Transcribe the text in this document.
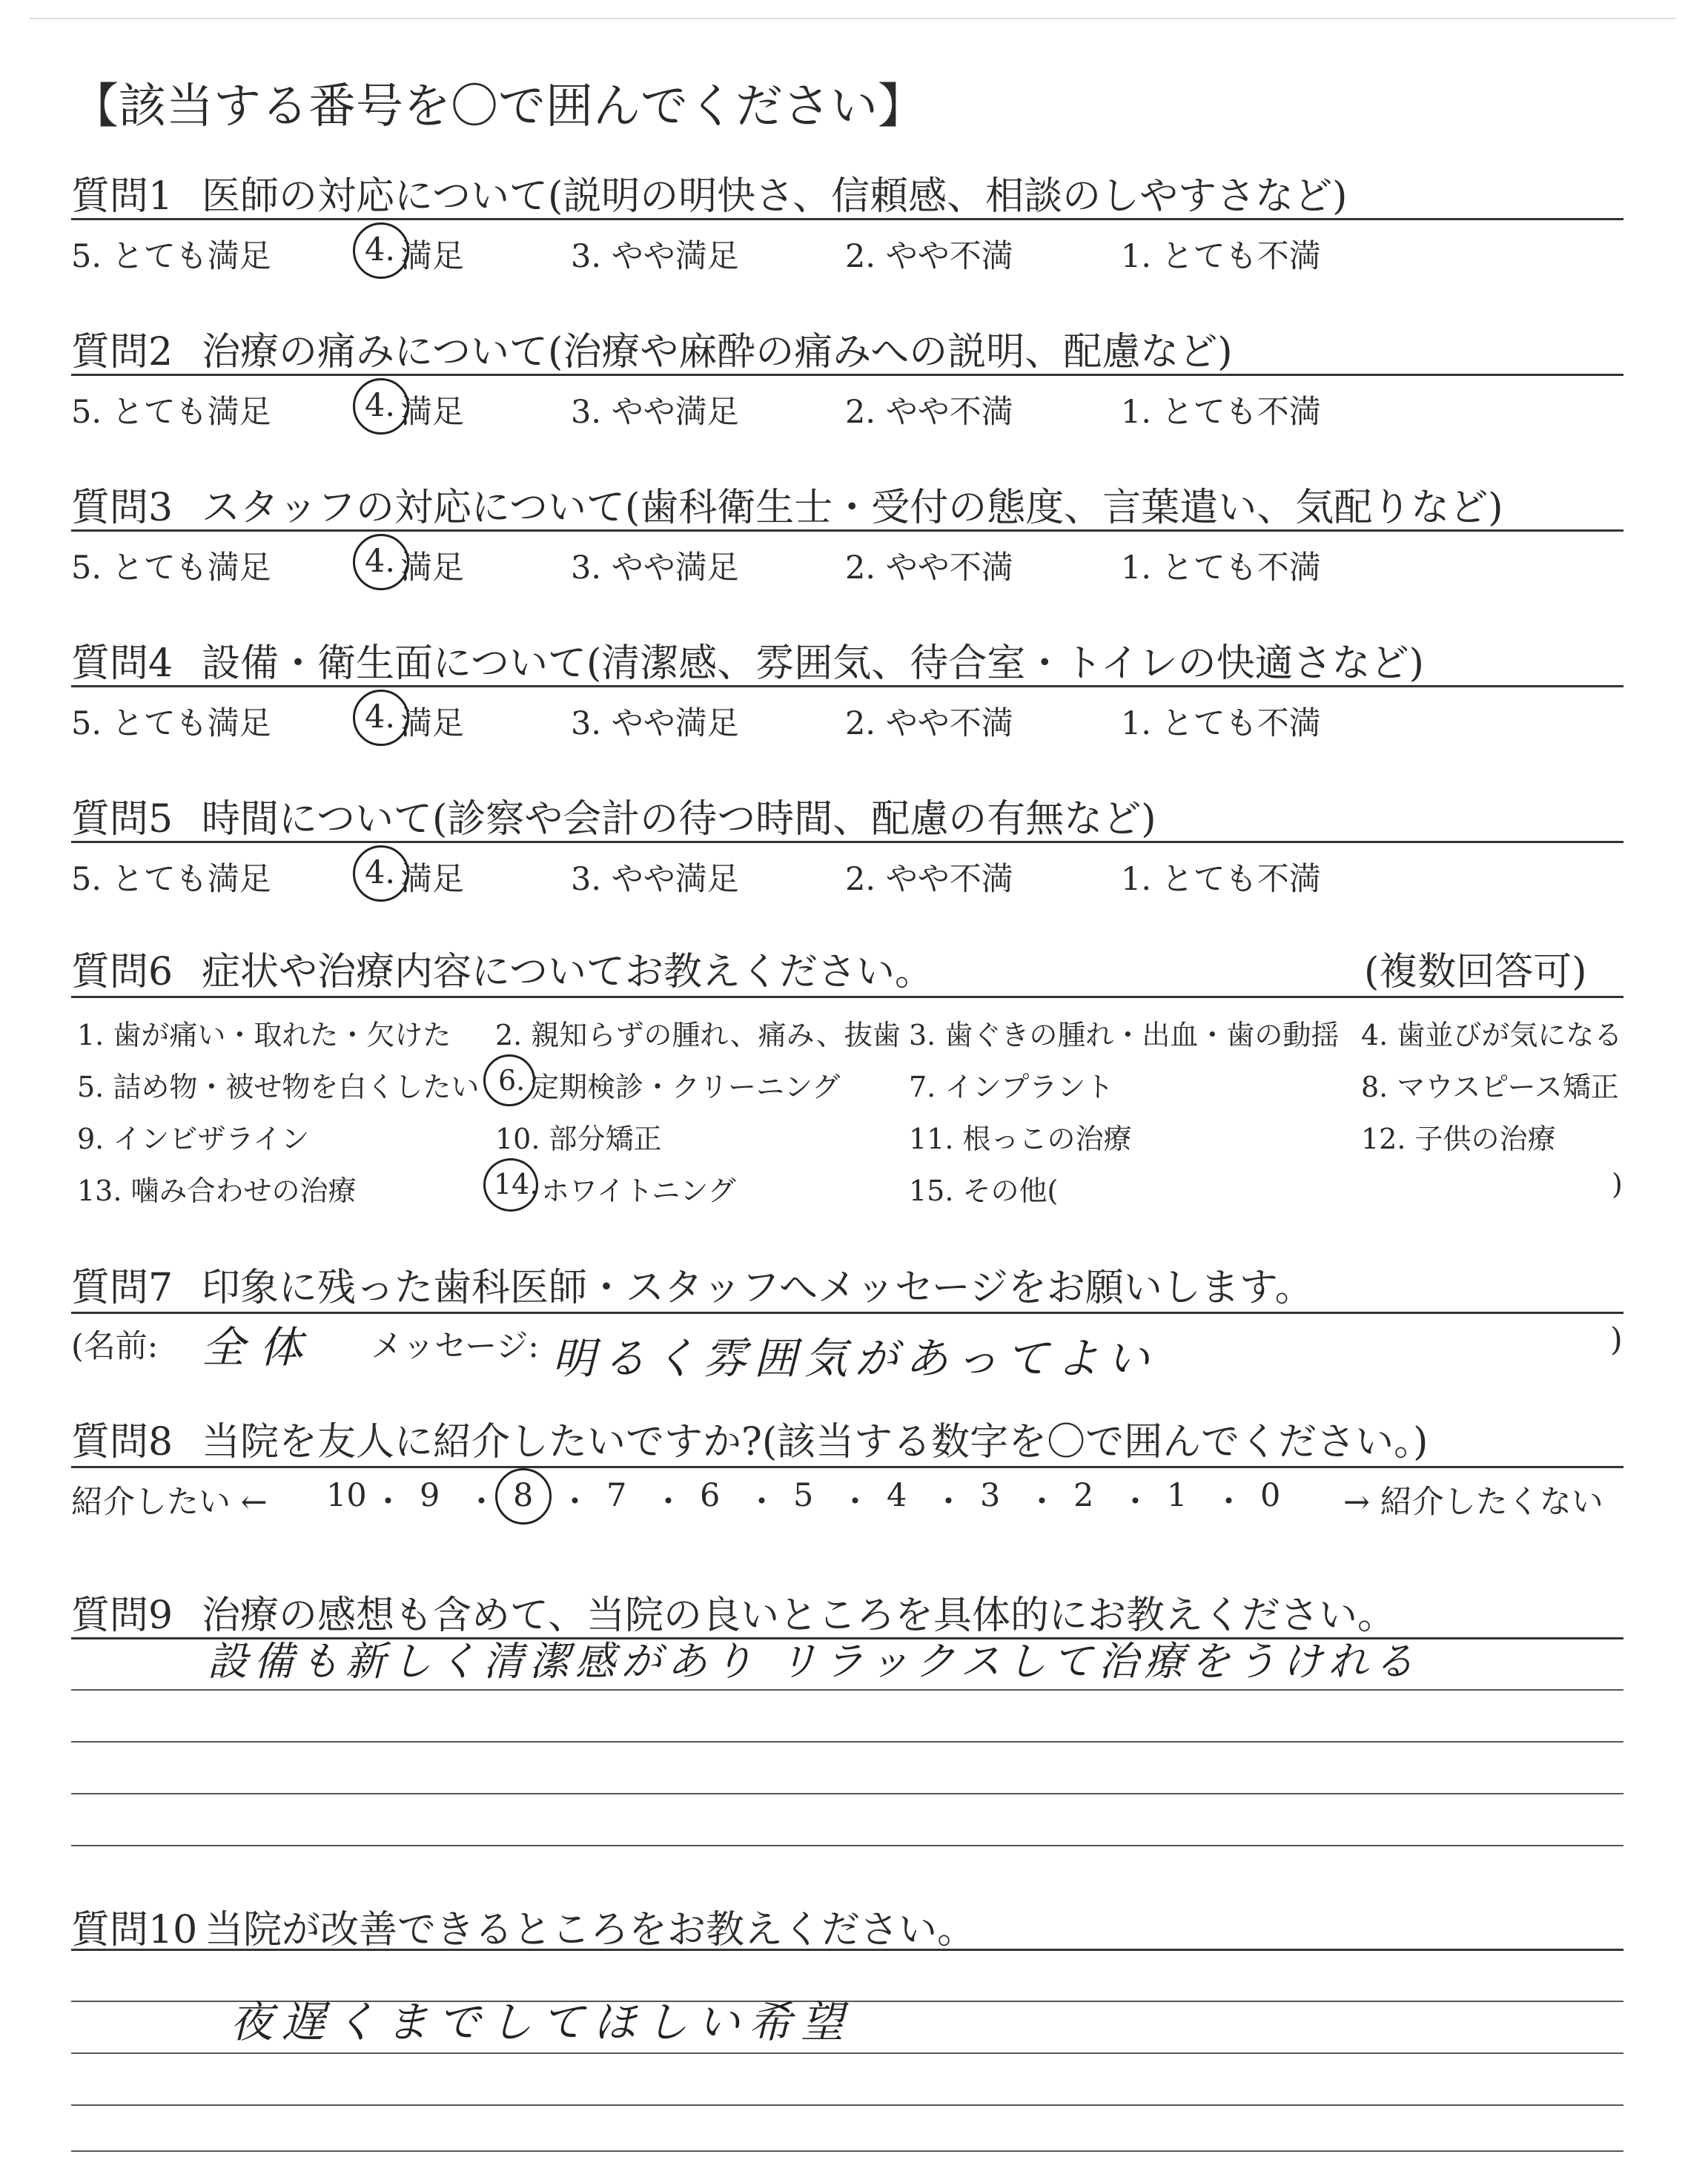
【該当する番号を〇で囲んでください】
質問1 医師の対応について(説明の明快さ、信頼感、相談のしやすさなど)
5. とても満足	4. 満足	3. やや満足	2. やや不満	1. とても不満
質問2 治療の痛みについて(治療や麻酔の痛みへの説明、配慮など)
5. とても満足	4. 満足	3. やや満足	2. やや不満	1. とても不満
質問3 スタッフの対応について(歯科衛生士・受付の態度、言葉遣い、気配りなど)
5. とても満足	4. 満足	3. やや満足	2. やや不満	1. とても不満
質問4 設備・衛生面について(清潔感、雰囲気、待合室・トイレの快適さなど)
5. とても満足	4. 満足	3. やや満足	2. やや不満	1. とても不満
質問5 時間について(診察や会計の待つ時間、配慮の有無など)
5. とても満足	4. 満足	3. やや満足	2. やや不満	1. とても不満
質問6 症状や治療内容についてお教えください。	(複数回答可)
1. 歯が痛い・取れた・欠けた 2. 親知らずの腫れ、痛み、抜歯 3. 歯ぐきの腫れ・出血・歯の動揺 4. 歯並びが気になる
5. 詰め物・被せ物を白くしたい 6. 定期検診・クリーニング 7. インプラント	8. マウスピース矯正
9. インビザライン	10. 部分矯正	11. 根っこの治療	12. 子供の治療
13. 噛み合わせの治療	14. ホワイトニング	15. その他(	)
質問7 印象に残った歯科医師・スタッフへメッセージをお願いします。
(名前: 全体 メッセージ: 明るく雰囲気があってよい	)
質問8 当院を友人に紹介したいですか?(該当する数字を〇で囲んでください。)
紹介したい ← 10 ・ 9 ・ 8 ・ 7 ・ 6 ・ 5 ・ 4 ・ 3 ・ 2 ・ 1 ・ 0 → 紹介したくない
質問9 治療の感想も含めて、当院の良いところを具体的にお教えください。
設備も新しく清潔感があり リラックスして治療をうけれる
質問10 当院が改善できるところをお教えください。
夜遅くまでしてほしい希望
